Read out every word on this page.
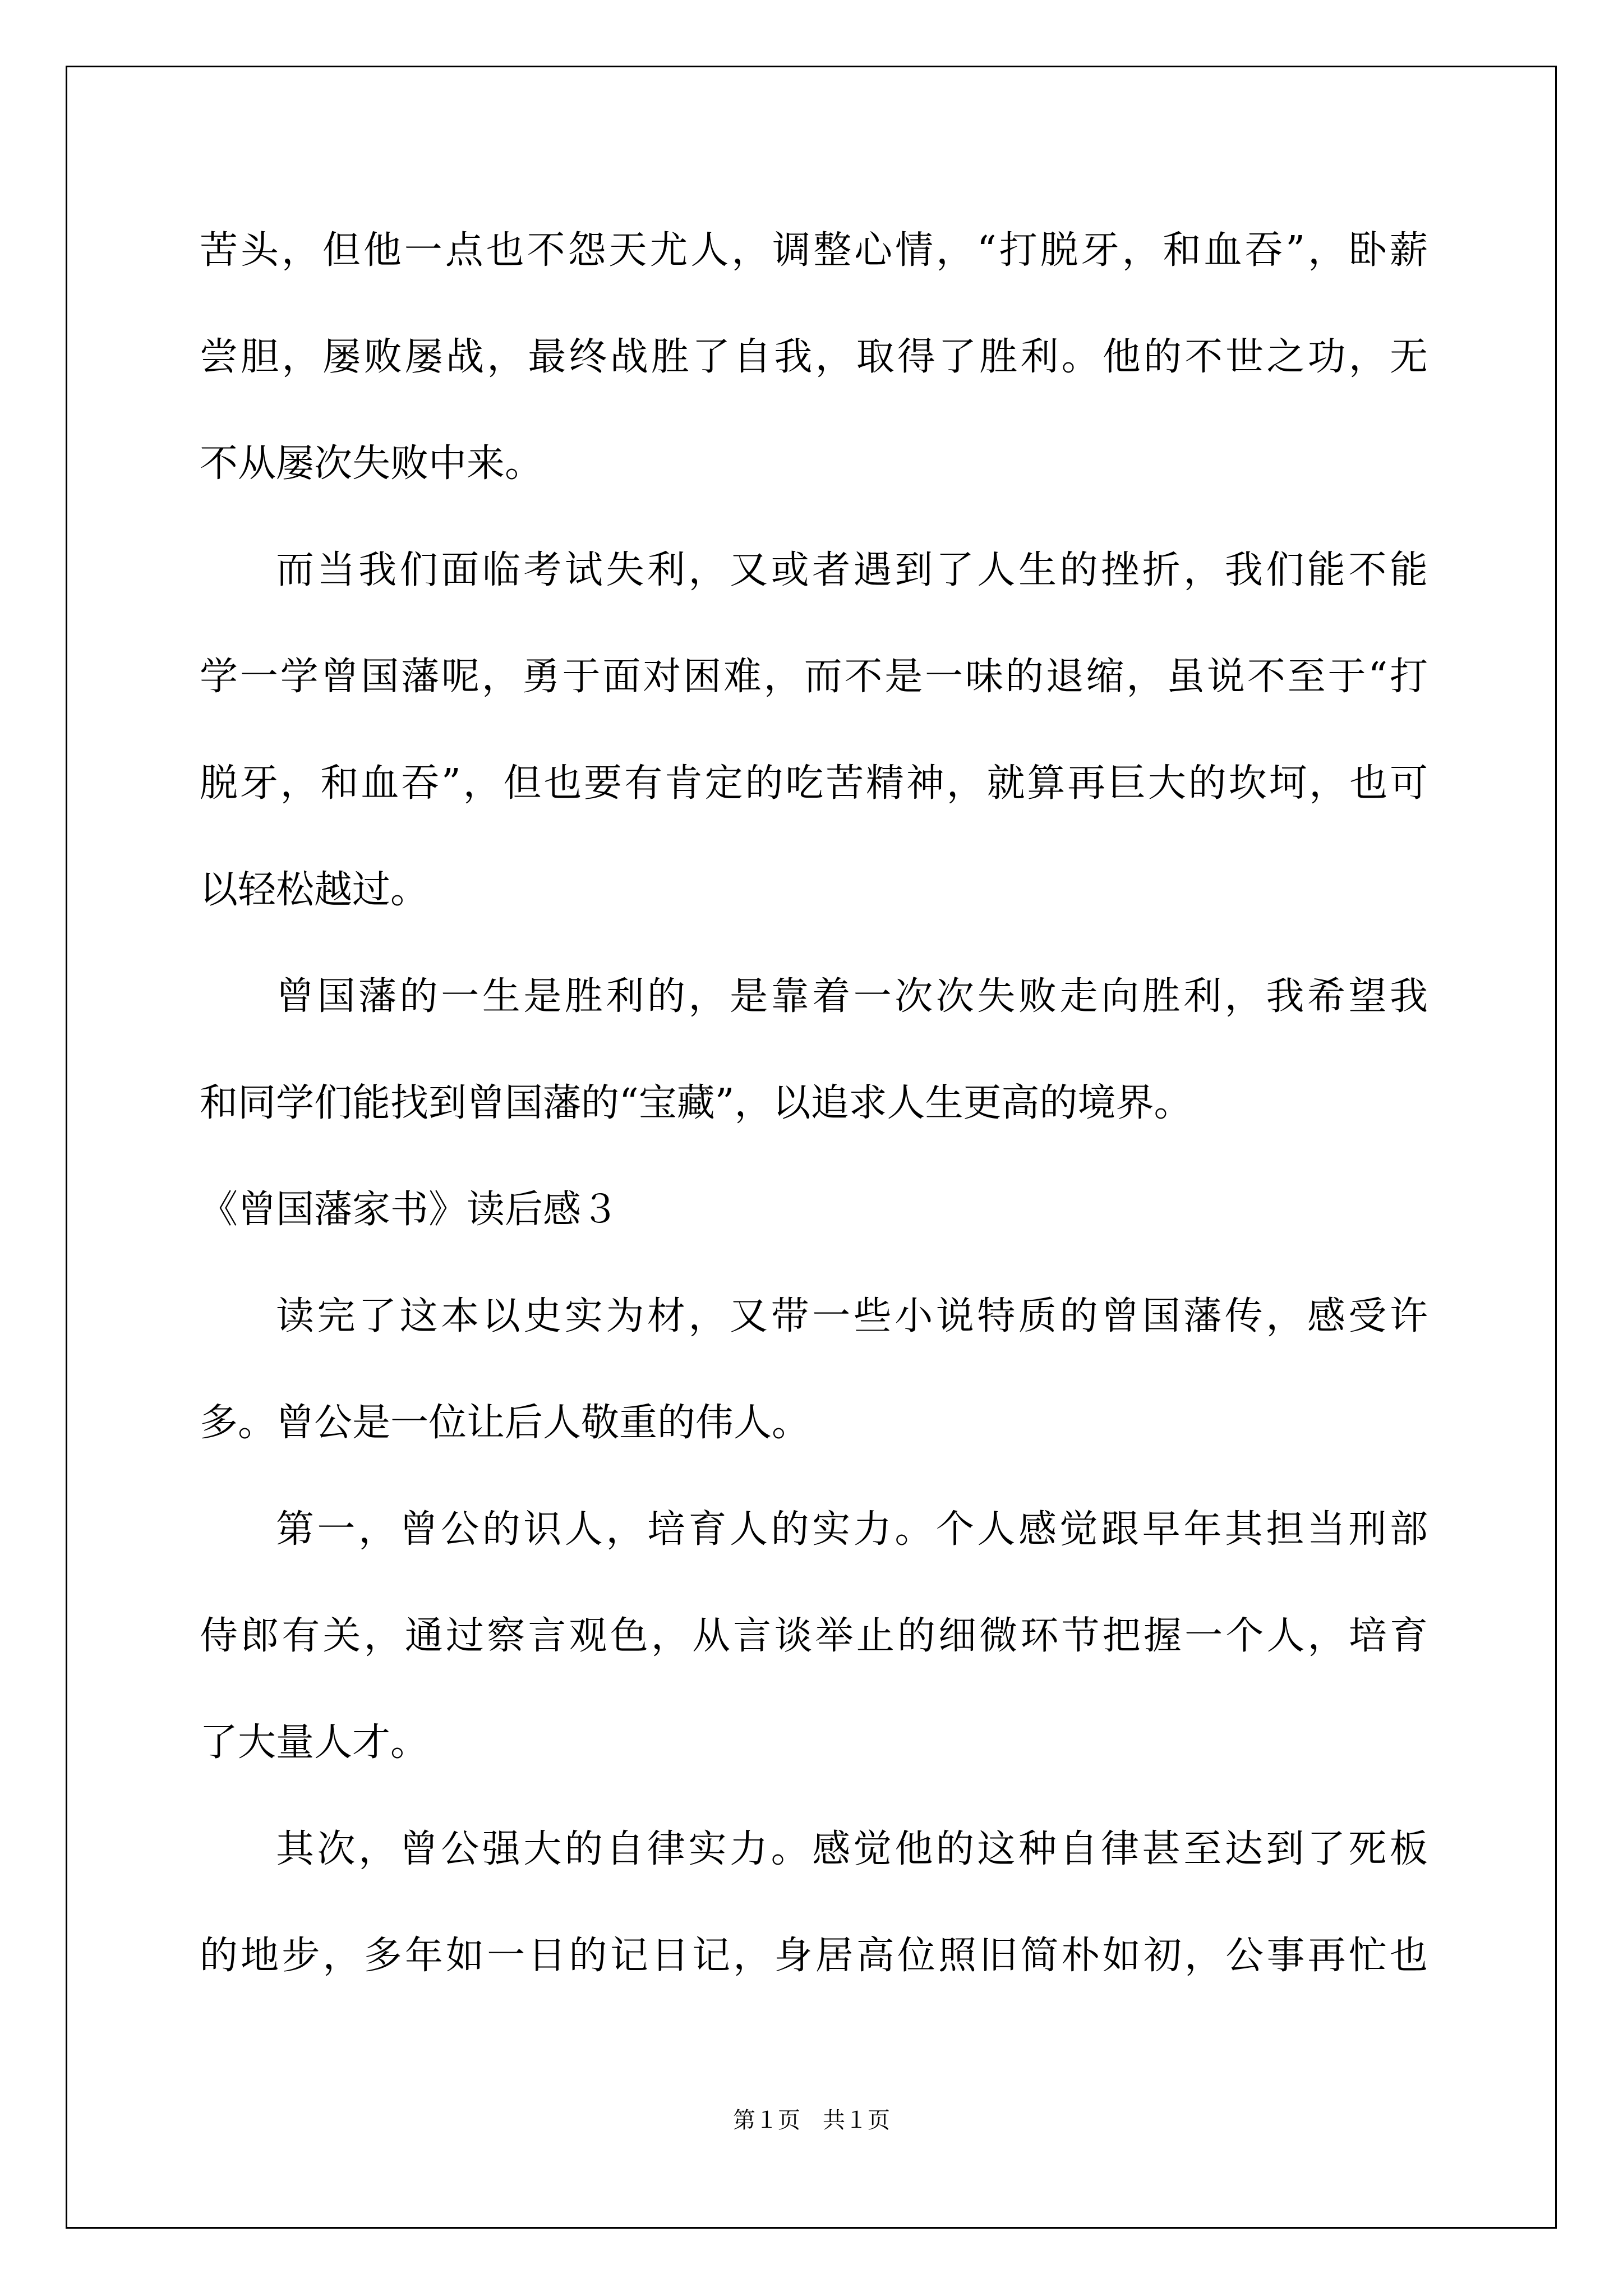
苦头，但他一点也不怨天尤人，调整心情，“打脱牙，和血吞”，卧薪
尝胆，屡败屡战，最终战胜了自我，取得了胜利。他的不世之功，无
不从屡次失败中来。
而当我们面临考试失利，又或者遇到了人生的挫折，我们能不能
学一学曾国藩呢，勇于面对困难，而不是一味的退缩，虽说不至于“打
脱牙，和血吞”，但也要有肯定的吃苦精神，就算再巨大的坎坷，也可
以轻松越过。
曾国藩的一生是胜利的，是靠着一次次失败走向胜利，我希望我
和同学们能找到曾国藩的“宝藏”，以追求人生更高的境界。
《曾国藩家书》读后感３
读完了这本以史实为材，又带一些小说特质的曾国藩传，感受许
多。曾公是一位让后人敬重的伟人。
第一，曾公的识人，培育人的实力。个人感觉跟早年其担当刑部
侍郎有关，通过察言观色，从言谈举止的细微环节把握一个人，培育
了大量人才。
其次，曾公强大的自律实力。感觉他的这种自律甚至达到了死板
的地步，多年如一日的记日记，身居高位照旧简朴如初，公事再忙也
第１页　共１页
